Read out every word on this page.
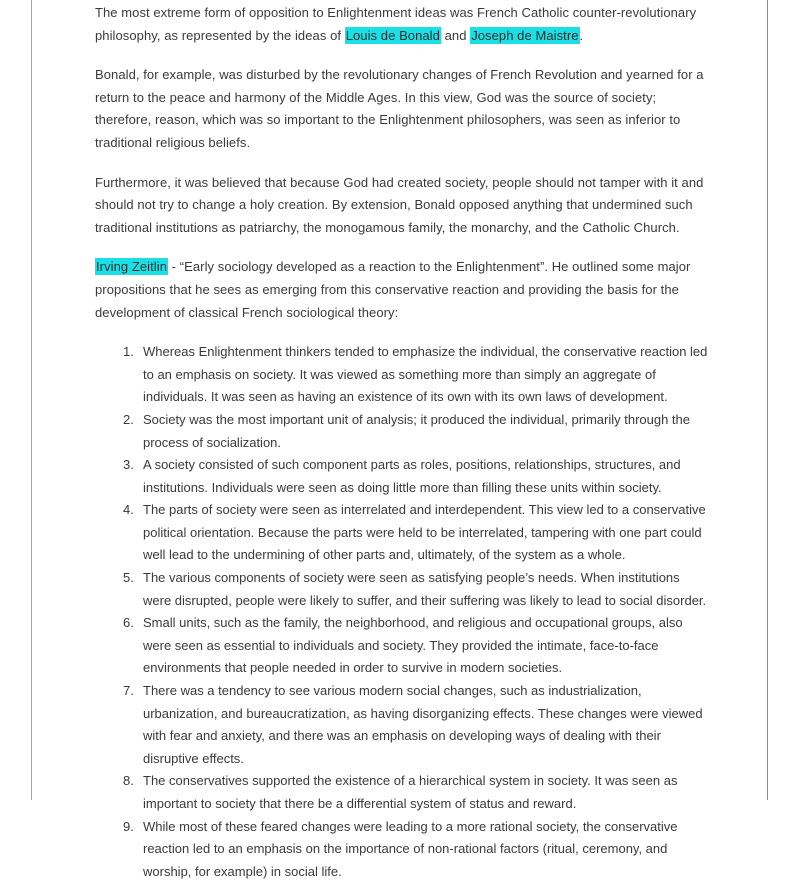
The most extreme form of opposition to Enlightenment ideas was French Catholic counter-revolutionary philosophy, as represented by the ideas of Louis de Bonald and Joseph de Maistre.

Bonald, for example, was disturbed by the revolutionary changes of French Revolution and yearned for a return to the peace and harmony of the Middle Ages. In this view, God was the source of society; therefore, reason, which was so important to the Enlightenment philosophers, was seen as inferior to traditional religious beliefs.

Furthermore, it was believed that because God had created society, people should not tamper with it and should not try to change a holy creation. By extension, Bonald opposed anything that undermined such traditional institutions as patriarchy, the monogamous family, the monarchy, and the Catholic Church.

Irving Zeitlin - “Early sociology developed as a reaction to the Enlightenment”. He outlined some major propositions that he sees as emerging from this conservative reaction and providing the basis for the development of classical French sociological theory:

Whereas Enlightenment thinkers tended to emphasize the individual, the conservative reaction led to an emphasis on society. It was viewed as something more than simply an aggregate of individuals. It was seen as having an existence of its own with its own laws of development.
Society was the most important unit of analysis; it produced the individual, primarily through the process of socialization.
A society consisted of such component parts as roles, positions, relationships, structures, and institutions. Individuals were seen as doing little more than filling these units within society.
The parts of society were seen as interrelated and interdependent. This view led to a conservative political orientation. Because the parts were held to be interrelated, tampering with one part could well lead to the undermining of other parts and, ultimately, of the system as a whole.
The various components of society were seen as satisfying people’s needs. When institutions were disrupted, people were likely to suffer, and their suffering was likely to lead to social disorder.
Small units, such as the family, the neighborhood, and religious and occupational groups, also were seen as essential to individuals and society. They provided the intimate, face-to-face environments that people needed in order to survive in modern societies.
There was a tendency to see various modern social changes, such as industrialization, urbanization, and bureaucratization, as having disorganizing effects. These changes were viewed with fear and anxiety, and there was an emphasis on developing ways of dealing with their disruptive effects.
The conservatives supported the existence of a hierarchical system in society. It was seen as important to society that there be a differential system of status and reward.
While most of these feared changes were leading to a more rational society, the conservative reaction led to an emphasis on the importance of non-rational factors (ritual, ceremony, and worship, for example) in social life.
